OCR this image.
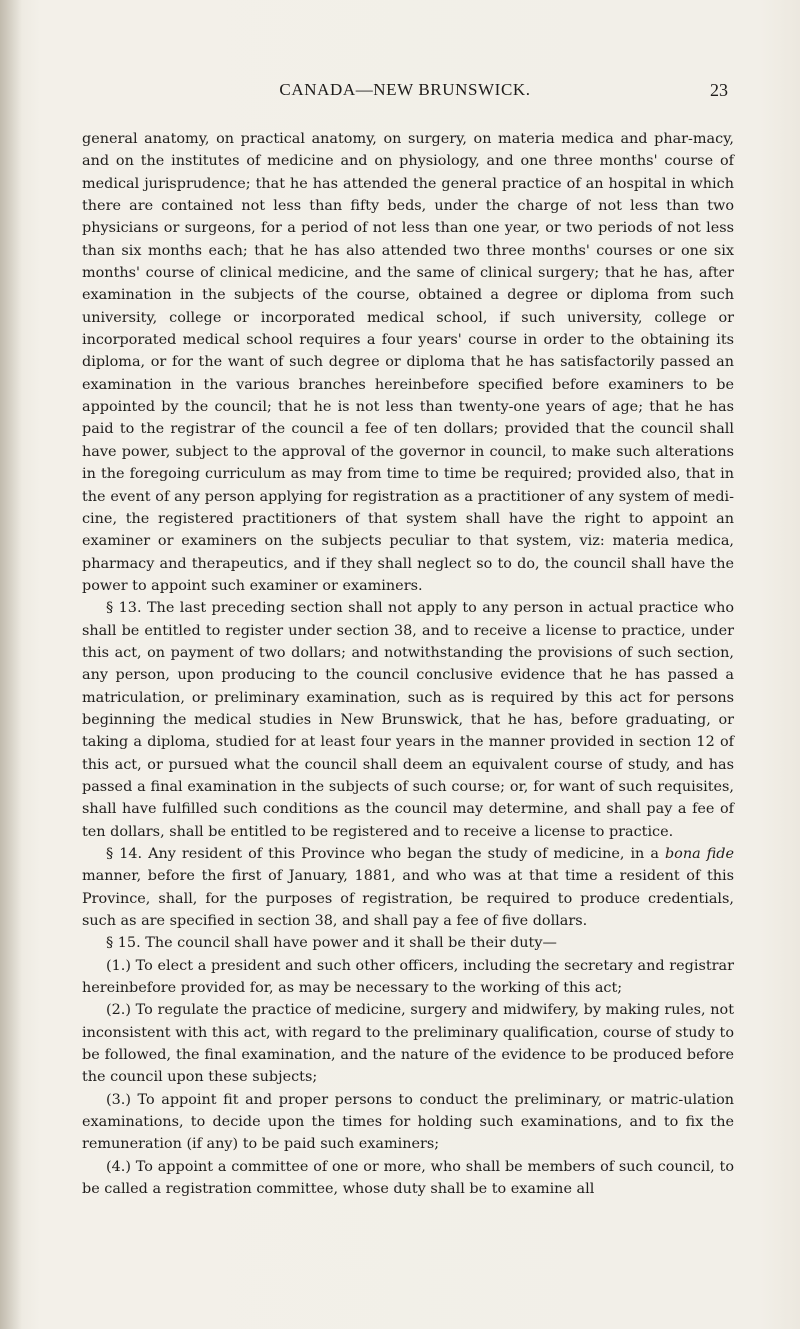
CANADA—NEW BRUNSWICK.	23

general anatomy, on practical anatomy, on surgery, on materia medica and phar-macy, and on the institutes of medicine and on physiology, and one three months' course of medical jurisprudence; that he has attended the general practice of an hospital in which there are contained not less than fifty beds, under the charge of not less than two physicians or surgeons, for a period of not less than one year, or two periods of not less than six months each; that he has also attended two three months' courses or one six months' course of clinical medicine, and the same of clinical surgery; that he has, after examination in the subjects of the course, obtained a degree or diploma from such university, college or incorporated medical school, if such university, college or incorporated medical school requires a four years' course in order to the obtaining its diploma, or for the want of such degree or diploma that he has satisfactorily passed an examination in the various branches hereinbefore specified before examiners to be appointed by the council; that he is not less than twenty-one years of age; that he has paid to the registrar of the council a fee of ten dollars; provided that the council shall have power, subject to the approval of the governor in council, to make such alterations in the foregoing curriculum as may from time to time be required; provided also, that in the event of any person applying for registration as a practitioner of any system of medi-cine, the registered practitioners of that system shall have the right to appoint an examiner or examiners on the subjects peculiar to that system, viz: materia medica, pharmacy and therapeutics, and if they shall neglect so to do, the council shall have the power to appoint such examiner or examiners.

§ 13. The last preceding section shall not apply to any person in actual practice who shall be entitled to register under section 38, and to receive a license to practice, under this act, on payment of two dollars; and notwithstanding the provisions of such section, any person, upon producing to the council conclusive evidence that he has passed a matriculation, or preliminary examination, such as is required by this act for persons beginning the medical studies in New Brunswick, that he has, before graduating, or taking a diploma, studied for at least four years in the manner provided in section 12 of this act, or pursued what the council shall deem an equivalent course of study, and has passed a final examination in the subjects of such course; or, for want of such requisites, shall have fulfilled such conditions as the council may determine, and shall pay a fee of ten dollars, shall be entitled to be registered and to receive a license to practice.

§ 14. Any resident of this Province who began the study of medicine, in a bona fide manner, before the first of January, 1881, and who was at that time a resident of this Province, shall, for the purposes of registration, be required to produce credentials, such as are specified in section 38, and shall pay a fee of five dollars.

§ 15. The council shall have power and it shall be their duty—

(1.) To elect a president and such other officers, including the secretary and registrar hereinbefore provided for, as may be necessary to the working of this act;

(2.) To regulate the practice of medicine, surgery and midwifery, by making rules, not inconsistent with this act, with regard to the preliminary qualification, course of study to be followed, the final examination, and the nature of the evidence to be produced before the council upon these subjects;

(3.) To appoint fit and proper persons to conduct the preliminary, or matric-ulation examinations, to decide upon the times for holding such examinations, and to fix the remuneration (if any) to be paid such examiners;

(4.) To appoint a committee of one or more, who shall be members of such council, to be called a registration committee, whose duty shall be to examine all
